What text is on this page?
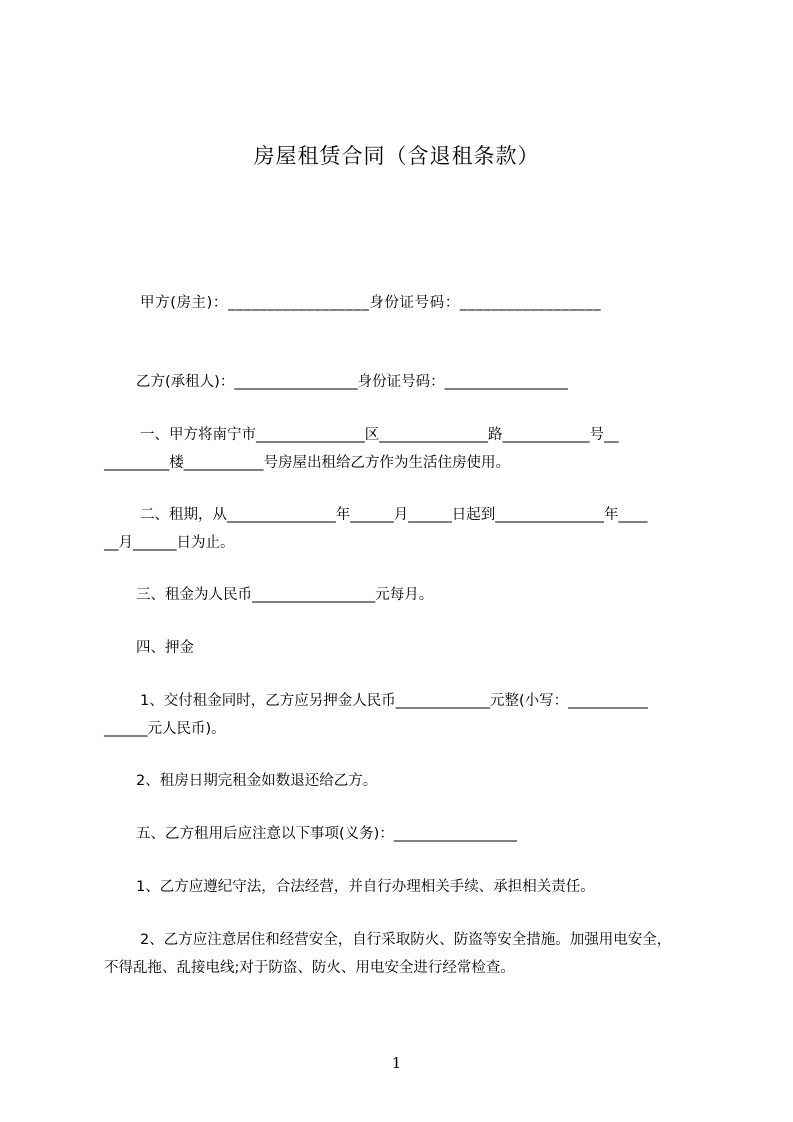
房屋租赁合同（含退租条款）
甲方(房主)：__________________身份证号码：__________________
乙方(承租人)：_________________身份证号码：_________________
一、甲方将南宁市_______________区_______________路____________号__
_________楼___________号房屋出租给乙方作为生活住房使用。
二、租期，从_______________年______月______日起到_______________年____
__月______日为止。
三、租金为人民币_________________元每月。
四、押金
1、交付租金同时，乙方应另押金人民币_____________元整(小写：___________
______元人民币)。
2、租房日期完租金如数退还给乙方。
五、乙方租用后应注意以下事项(义务)：_________________
1、乙方应遵纪守法，合法经营，并自行办理相关手续、承担相关责任。
2、乙方应注意居住和经营安全，自行采取防火、防盗等安全措施。加强用电安全，
不得乱拖、乱接电线;对于防盗、防火、用电安全进行经常检查。
1
